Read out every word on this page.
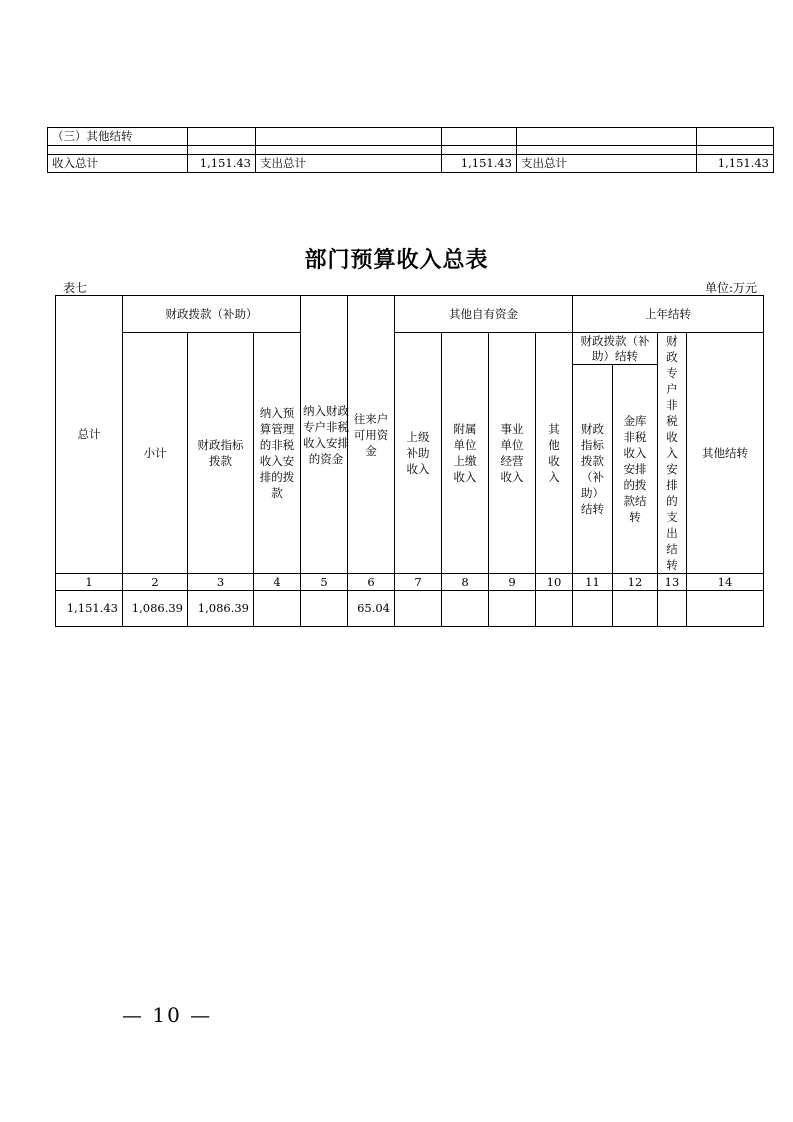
（三）其他结转					

收入总计	1,151.43	支出总计	1,151.43	支出总计	1,151.43
部门预算收入总表
表七	单位:万元
总计	财政拨款（补助）			纳入财政专户非税收入安排的资金	往来户可用资金	其他自有资金				上年结转			
	小计	财政指标拨款	纳入预算管理的非税收入安排的拨款			上级补助收入	附属单位上缴收入	事业单位经营收入	其他收入	财政拨款（补助）结转		财政专户非税收入安排的支出结转	其他结转

										财政指标拨款（补助）结转	金库非税收入安排的拨款结转		

1	2	3	4	5	6	7	8	9	10	11	12	13	14
1,151.43	1,086.39	1,086.39			65.04								
— 10 —
